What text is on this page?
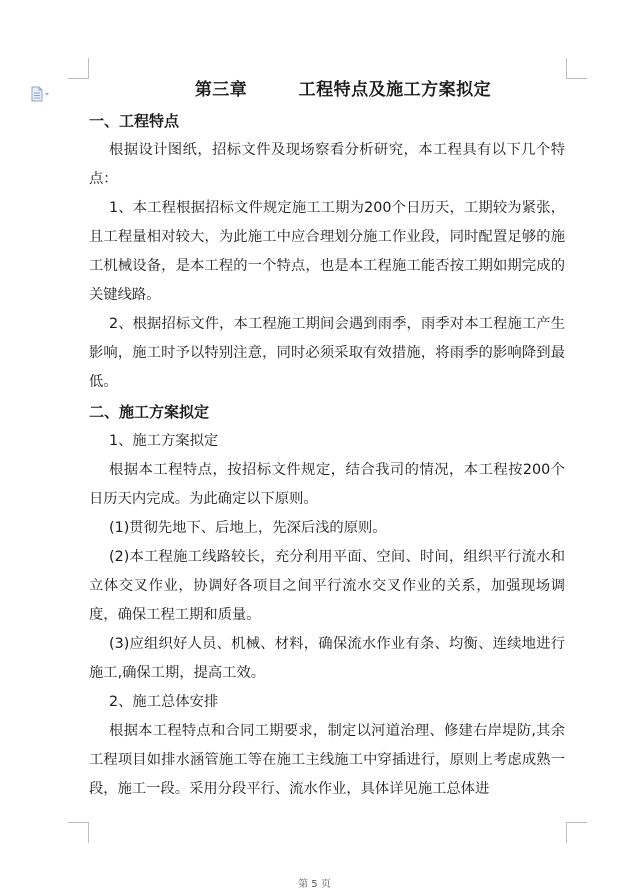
第三章        工程特点及施工方案拟定
一、工程特点

根据设计图纸，招标文件及现场察看分析研究，本工程具有以下几个特点：

1、本工程根据招标文件规定施工工期为200个日历天，工期较为紧张，且工程量相对较大，为此施工中应合理划分施工作业段，同时配置足够的施工机械设备，是本工程的一个特点，也是本工程施工能否按工期如期完成的关键线路。

2、根据招标文件，本工程施工期间会遇到雨季，雨季对本工程施工产生影响，施工时予以特别注意，同时必须采取有效措施，将雨季的影响降到最低。

二、施工方案拟定

1、施工方案拟定

根据本工程特点，按招标文件规定，结合我司的情况，本工程按200个日历天内完成。为此确定以下原则。

(1)贯彻先地下、后地上，先深后浅的原则。

(2)本工程施工线路较长，充分利用平面、空间、时间，组织平行流水和立体交叉作业，协调好各项目之间平行流水交叉作业的关系，加强现场调度，确保工程工期和质量。

(3)应组织好人员、机械、材料，确保流水作业有条、均衡、连续地进行施工,确保工期，提高工效。

2、施工总体安排

根据本工程特点和合同工期要求，制定以河道治理、修建右岸堤防,其余工程项目如排水涵管施工等在施工主线施工中穿插进行，原则上考虑成熟一段，施工一段。采用分段平行、流水作业，具体详见施工总体进

第 5 页
